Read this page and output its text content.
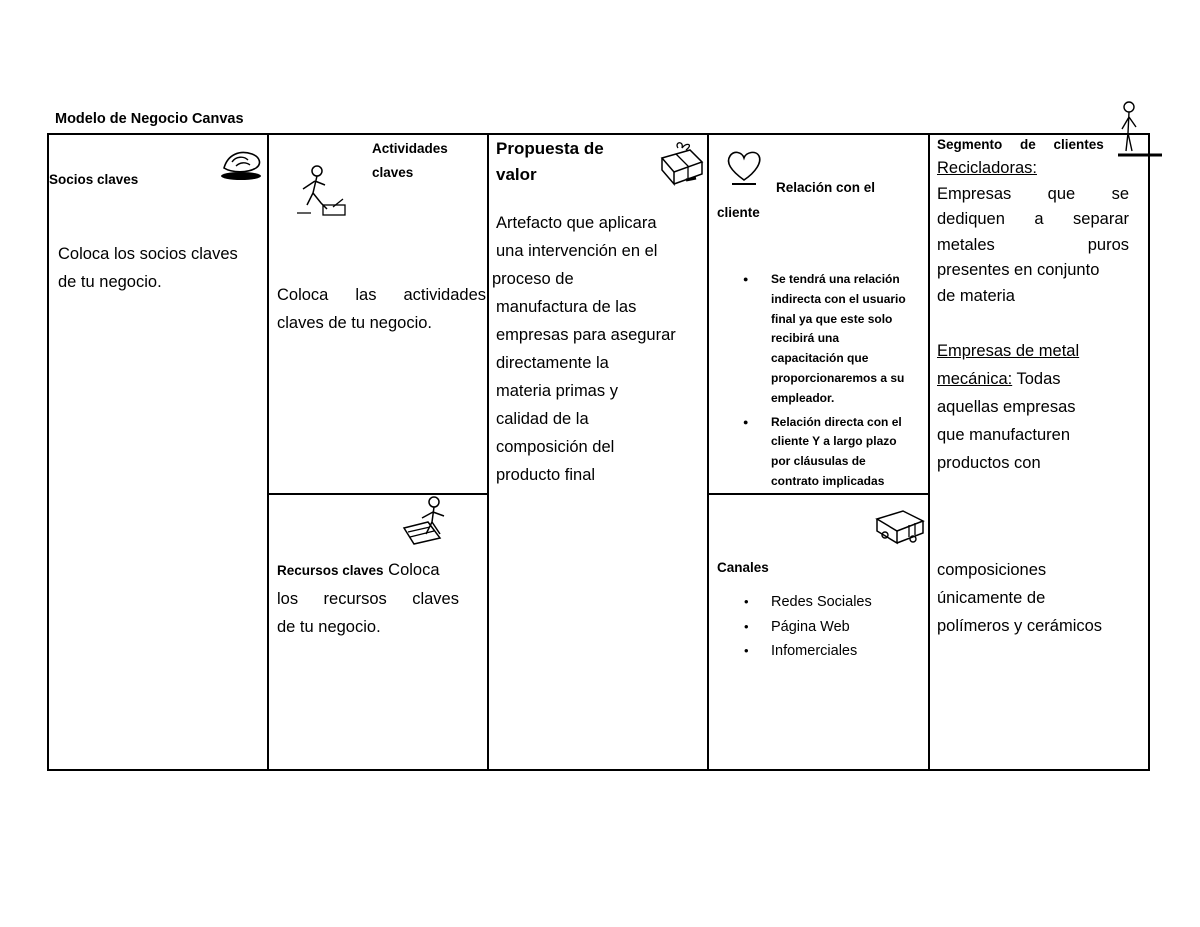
Modelo de Negocio Canvas
Socios claves
Coloca los socios claves
de tu negocio.
Actividades
claves
Coloca las actividades
claves de tu negocio.
Recursos claves Coloca
los recursos claves
de tu negocio.
Propuesta de
valor
Artefacto que aplicara
una intervención en el
proceso de
manufactura de las
empresas para asegurar
directamente la
materia primas y
calidad de la
composición del
producto final
Relación con el
cliente
● Se tendrá una relación
indirecta con el usuario
final ya que este solo
recibirá una
capacitación que
proporcionaremos a su
empleador.
● Relación directa con el
cliente Y a largo plazo
por cláusulas de
contrato implicadas
Canales
• Redes Sociales
• Página Web
• Infomerciales
Segmento de clientes
Recicladoras:
Empresas que se
dediquen a separar
metales puros
presentes en conjunto
de materia
Empresas de metal
mecánica: Todas
aquellas empresas
que manufacturen
productos con
composiciones
únicamente de
polímeros y cerámicos
